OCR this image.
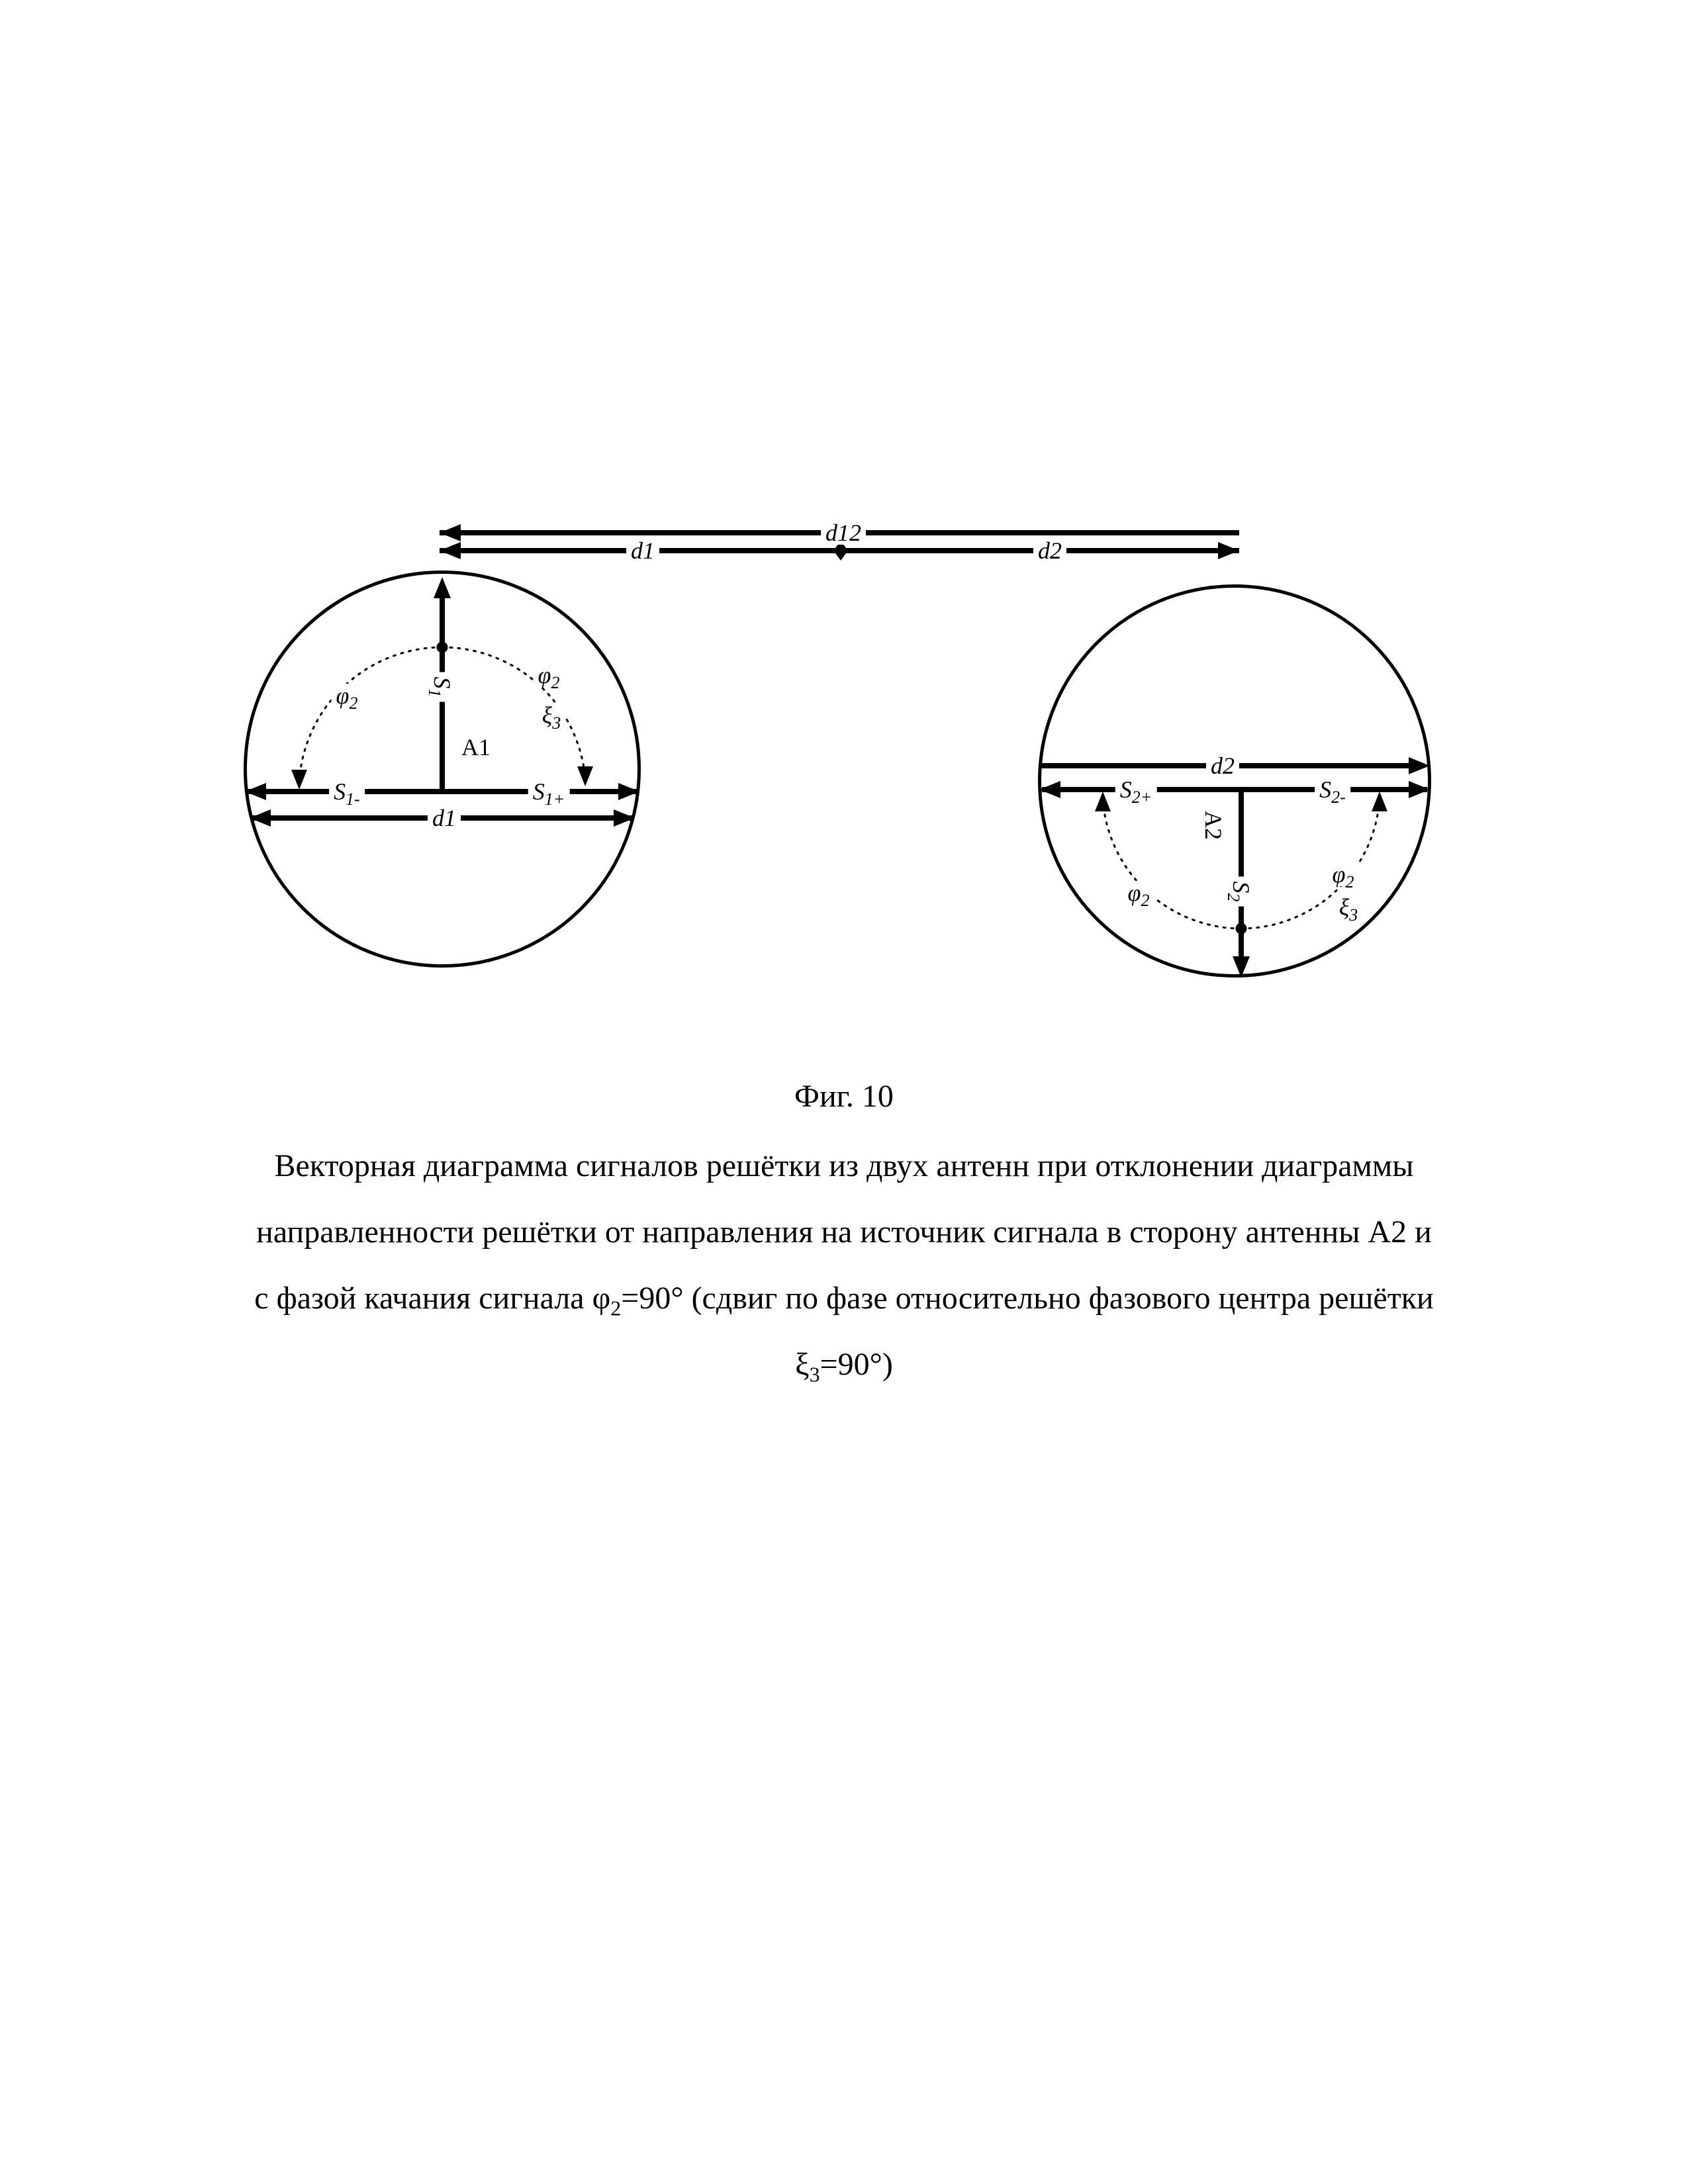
d12
d1	d2
$S_1$
A1
$S_{1-}$	$S_{1+}$
d1
$\varphi_2$
$\varphi_2$
$\xi_3$
d2
$S_{2+}$	$S_{2-}$
A2
$S_2$
$\varphi_2$
$\varphi_2$
$\xi_3$
Фиг. 10
Векторная диаграмма сигналов решётки из двух антенн при отклонении диаграммы
направленности решётки от направления на источник сигнала в сторону антенны А2 и
с фазой качания сигнала $\varphi_2=90^\circ$ (сдвиг по фазе относительно фазового центра решётки
$\xi_3=90^\circ$)
